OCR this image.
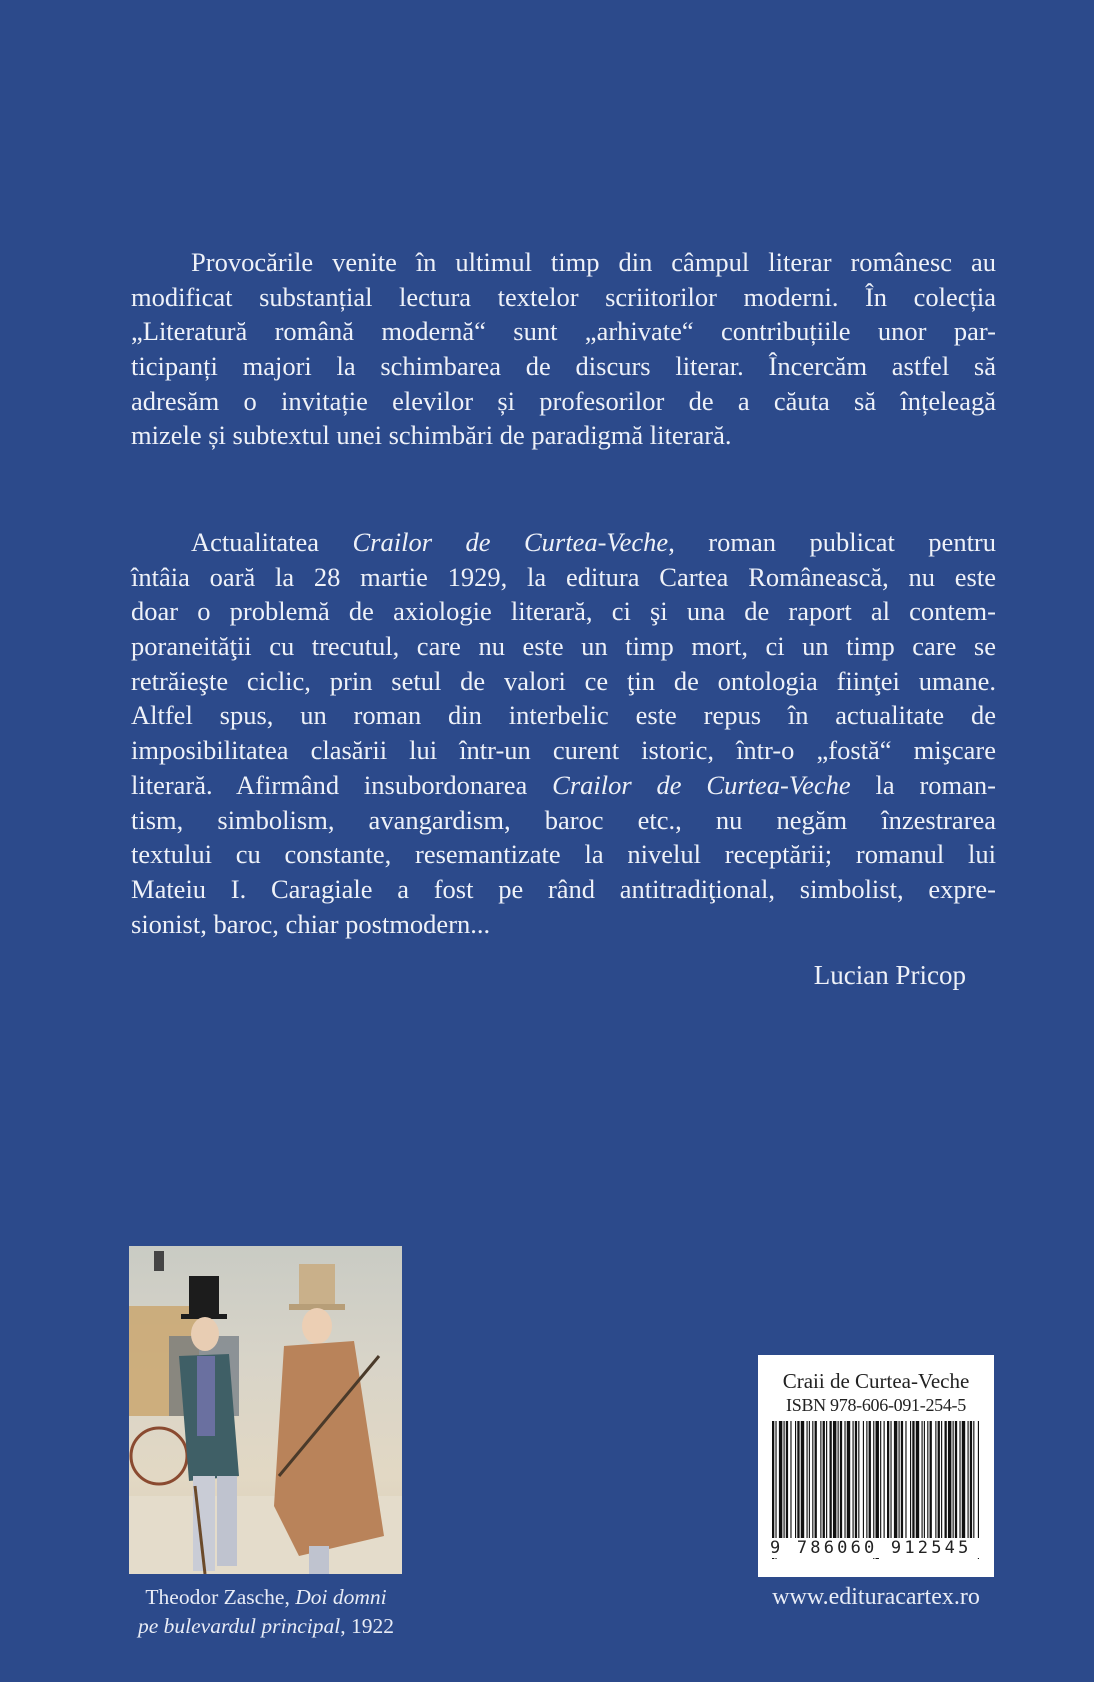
Provocările venite în ultimul timp din câmpul literar românesc au
modificat substanțial lectura textelor scriitorilor moderni. În colecția
„Literatură română modernă“ sunt „arhivate“ contribuțiile unor par-
ticipanți majori la schimbarea de discurs literar. Încercăm astfel să
adresăm o invitație elevilor și profesorilor de a căuta să înțeleagă
mizele și subtextul unei schimbări de paradigmă literară.
Actualitatea Crailor de Curtea-Veche, roman publicat pentru
întâia oară la 28 martie 1929, la editura Cartea Românească, nu este
doar o problemă de axiologie literară, ci şi una de raport al contem-
poraneităţii cu trecutul, care nu este un timp mort, ci un timp care se
retrăieşte ciclic, prin setul de valori ce ţin de ontologia fiinţei umane.
Altfel spus, un roman din interbelic este repus în actualitate de
imposibilitatea clasării lui într-un curent istoric, într-o „fostă“ mişcare
literară. Afirmând insubordonarea Crailor de Curtea-Veche la roman-
tism, simbolism, avangardism, baroc etc., nu negăm înzestrarea
textului cu constante, resemantizate la nivelul receptării; romanul lui
Mateiu I. Caragiale a fost pe rând antitradiţional, simbolist, expre-
sionist, baroc, chiar postmodern...
Lucian Pricop
Theodor Zasche, Doi domni
pe bulevardul principal, 1922
Craii de Curtea-Veche
ISBN 978-606-091-254-5
9 786060 912545
www.edituracartex.ro
